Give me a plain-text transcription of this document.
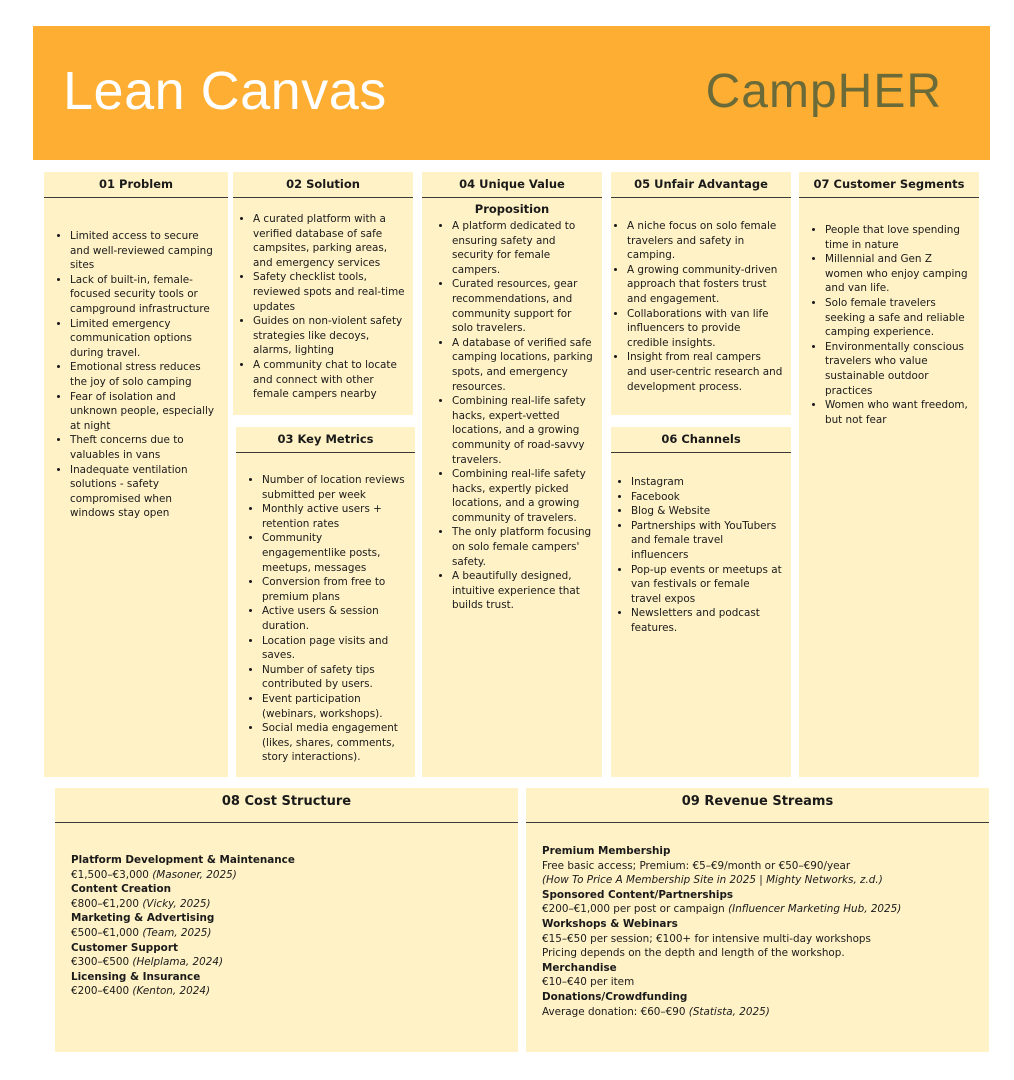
Lean Canvas	CampHER
01 Problem
• Limited access to secure and well-reviewed camping sites
• Lack of built-in, female-focused security tools or campground infrastructure
• Limited emergency communication options during travel.
• Emotional stress reduces the joy of solo camping
• Fear of isolation and unknown people, especially at night
• Theft concerns due to valuables in vans
• Inadequate ventilation solutions - safety compromised when windows stay open
02 Solution
• A curated platform with a verified database of safe campsites, parking areas, and emergency services
• Safety checklist tools, reviewed spots and real-time updates
• Guides on non-violent safety strategies like decoys, alarms, lighting
• A community chat to locate and connect with other female campers nearby
03 Key Metrics
• Number of location reviews submitted per week
• Monthly active users + retention rates
• Community engagementlike posts, meetups, messages
• Conversion from free to premium plans
• Active users & session duration.
• Location page visits and saves.
• Number of safety tips contributed by users.
• Event participation (webinars, workshops).
• Social media engagement (likes, shares, comments, story interactions).
04 Unique Value Proposition
• A platform dedicated to ensuring safety and security for female campers.
• Curated resources, gear recommendations, and community support for solo travelers.
• A database of verified safe camping locations, parking spots, and emergency resources.
• Combining real-life safety hacks, expert-vetted locations, and a growing community of road-savvy travelers.
• Combining real-life safety hacks, expertly picked locations, and a growing community of travelers.
• The only platform focusing on solo female campers' safety.
• A beautifully designed, intuitive experience that builds trust.
05 Unfair Advantage
• A niche focus on solo female travelers and safety in camping.
• A growing community-driven approach that fosters trust and engagement.
• Collaborations with van life influencers to provide credible insights.
• Insight from real campers and user-centric research and development process.
06 Channels
• Instagram
• Facebook
• Blog & Website
• Partnerships with YouTubers and female travel influencers
• Pop-up events or meetups at van festivals or female travel expos
• Newsletters and podcast features.
07 Customer Segments
• People that love spending time in nature
• Millennial and Gen Z women who enjoy camping and van life.
• Solo female travelers seeking a safe and reliable camping experience.
• Environmentally conscious travelers who value sustainable outdoor practices
• Women who want freedom, but not fear
08 Cost Structure
Platform Development & Maintenance
€1,500–€3,000 (Masoner, 2025)
Content Creation
€800–€1,200 (Vicky, 2025)
Marketing & Advertising
€500–€1,000 (Team, 2025)
Customer Support
€300–€500 (Helplama, 2024)
Licensing & Insurance
€200–€400 (Kenton, 2024)
09 Revenue Streams
Premium Membership
Free basic access; Premium: €5–€9/month or €50–€90/year
(How To Price A Membership Site in 2025 | Mighty Networks, z.d.)
Sponsored Content/Partnerships
€200–€1,000 per post or campaign (Influencer Marketing Hub, 2025)
Workshops & Webinars
€15–€50 per session; €100+ for intensive multi-day workshops
Pricing depends on the depth and length of the workshop.
Merchandise
€10–€40 per item
Donations/Crowdfunding
Average donation: €60–€90 (Statista, 2025)
